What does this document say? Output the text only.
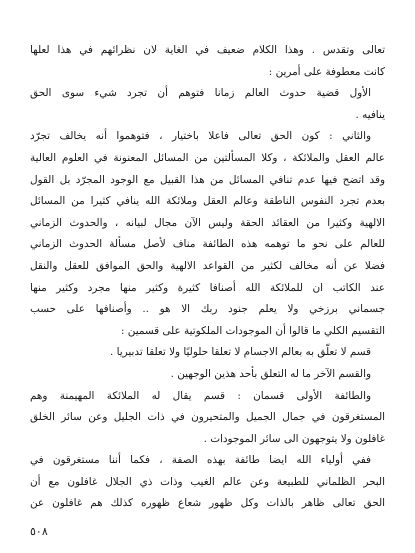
تعالى وتقدس . وهذا الكلام ضعيف في الغاية لان نظرائهم في هذا لعلها
كانت معطوفة على أمرين :
الأول قضية حدوث العالم زمانا فتوهم أن تجرد شيء سوى الحق
ينافيه .
والثاني : كون الحق تعالى فاعلا باختيار ، فتوهموا أنه يخالف تجرّد
عالم العقل والملائكة ، وكلا المسألتين من المسائل المعنونة في العلوم العالية
وقد اتضح فيها عدم تنافي المسائل من هذا القبيل مع الوجود المجرّد بل القول
بعدم تجرد النفوس الناطقة وعالم العقل وملائكة الله ينافي كثيرا من المسائل
الالهية وكثيرا من العقائد الحقة وليس الآن مجال لبيانه ، والحدوث الزماني
للعالم على نحو ما توهمه هذه الطائفة مناف لأصل مسألة الحدوث الزماني
فضلا عن أنه مخالف لكثير من القواعد الالهية والحق الموافق للعقل والنقل
عند الكاتب ان للملائكة الله أصنافا كثيرة وكثير منها مجرد وكثير منها
جسماني برزخي ولا يعلم جنود ربك الا هو .. وأصنافها على حسب
التقسيم الكلي ما قالوا أن الموجودات الملكوتية على قسمين :
قسم لا تعلّق به بعالم الاجسام لا تعلقا حلوليًا ولا تعلقا تدبيريا .
والقسم الآخر ما له التعلق بأحد هذين الوجهين .
والطائفة الأولى قسمان : قسم يقال له الملائكة المهيمنة وهم
المستغرقون في جمال الجميل والمتحيرون في ذات الجليل وعن سائر الخلق
غافلون ولا يتوجهون الى سائر الموجودات .
ففي أولياء الله ايضا طائفة بهذه الصفة ، فكما أننا مستغرقون في
البحر الظلماني للطبيعة وعن عالم الغيب وذات ذي الجلال غافلون مع أن
الحق تعالى ظاهر بالذات وكل ظهور شعاع ظهوره كذلك هم غافلون عن
٥٠٨
